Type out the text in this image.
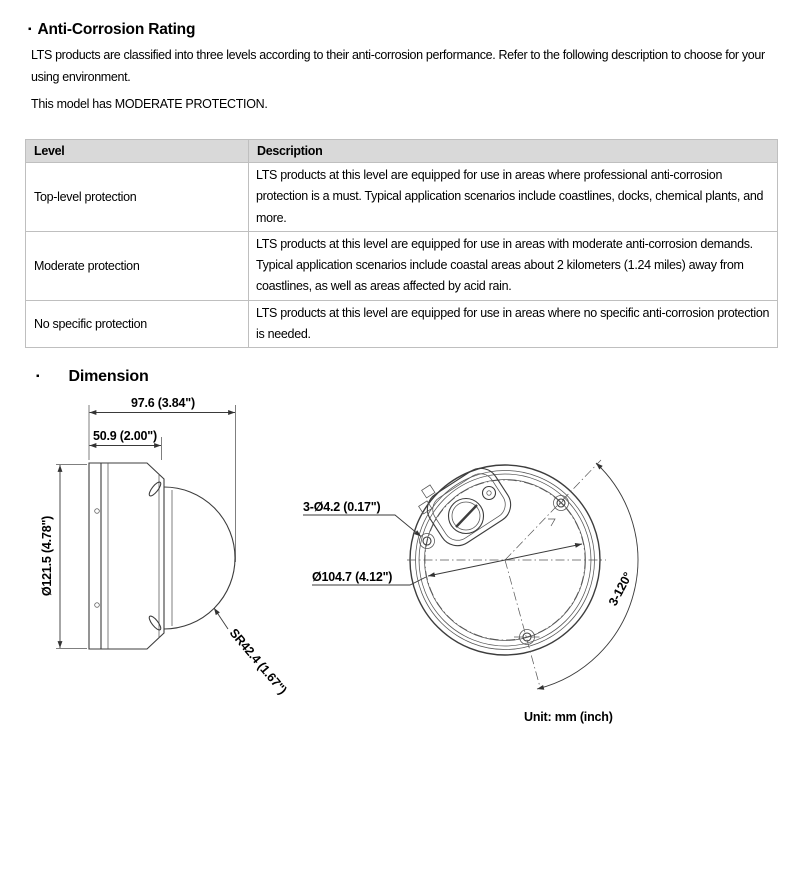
▪ Anti-Corrosion Rating

LTS products are classified into three levels according to their anti-corrosion performance. Refer to the following description to choose for your using environment.

This model has MODERATE PROTECTION.

Level	Description
Top-level protection	LTS products at this level are equipped for use in areas where professional anti-corrosion protection is a must. Typical application scenarios include coastlines, docks, chemical plants, and more.
Moderate protection	LTS products at this level are equipped for use in areas with moderate anti-corrosion demands. Typical application scenarios include coastal areas about 2 kilometers (1.24 miles) away from coastlines, as well as areas affected by acid rain.
No specific protection	LTS products at this level are equipped for use in areas where no specific anti-corrosion protection is needed.
▪ Dimension
97.6 (3.84")
50.9 (2.00")
Ø121.5 (4.78")
SR42.4 (1.67")
3-Ø4.2 (0.17")
Ø104.7 (4.12")	3-120°
Unit: mm (inch)
